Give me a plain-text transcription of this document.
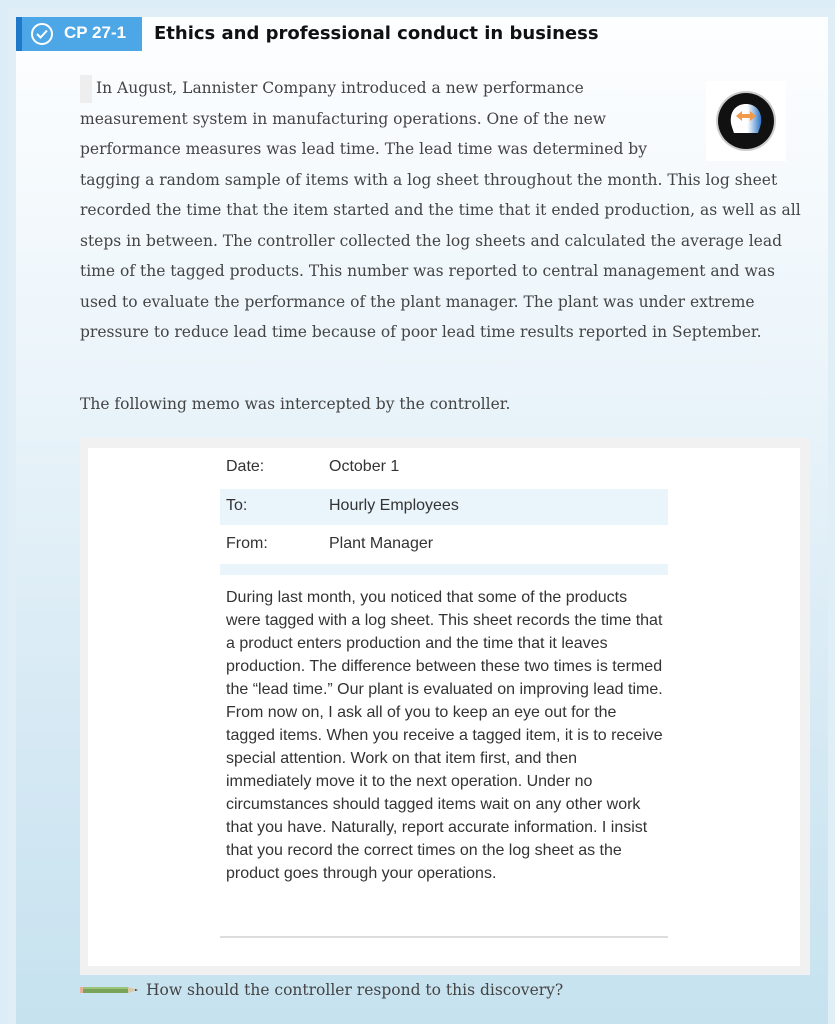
CP 27-1 Ethics and professional conduct in business

In August, Lannister Company introduced a new performance measurement system in manufacturing operations. One of the new performance measures was lead time. The lead time was determined by tagging a random sample of items with a log sheet throughout the month. This log sheet recorded the time that the item started and the time that it ended production, as well as all steps in between. The controller collected the log sheets and calculated the average lead time of the tagged products. This number was reported to central management and was used to evaluate the performance of the plant manager. The plant was under extreme pressure to reduce lead time because of poor lead time results reported in September.

The following memo was intercepted by the controller.
Date:	October 1
To:	Hourly Employees
From:	Plant Manager
During last month, you noticed that some of the products were tagged with a log sheet. This sheet records the time that a product enters production and the time that it leaves production. The difference between these two times is termed the “lead time.” Our plant is evaluated on improving lead time. From now on, I ask all of you to keep an eye out for the tagged items. When you receive a tagged item, it is to receive special attention. Work on that item first, and then immediately move it to the next operation. Under no circumstances should tagged items wait on any other work that you have. Naturally, report accurate information. I insist that you record the correct times on the log sheet as the product goes through your operations.
How should the controller respond to this discovery?
